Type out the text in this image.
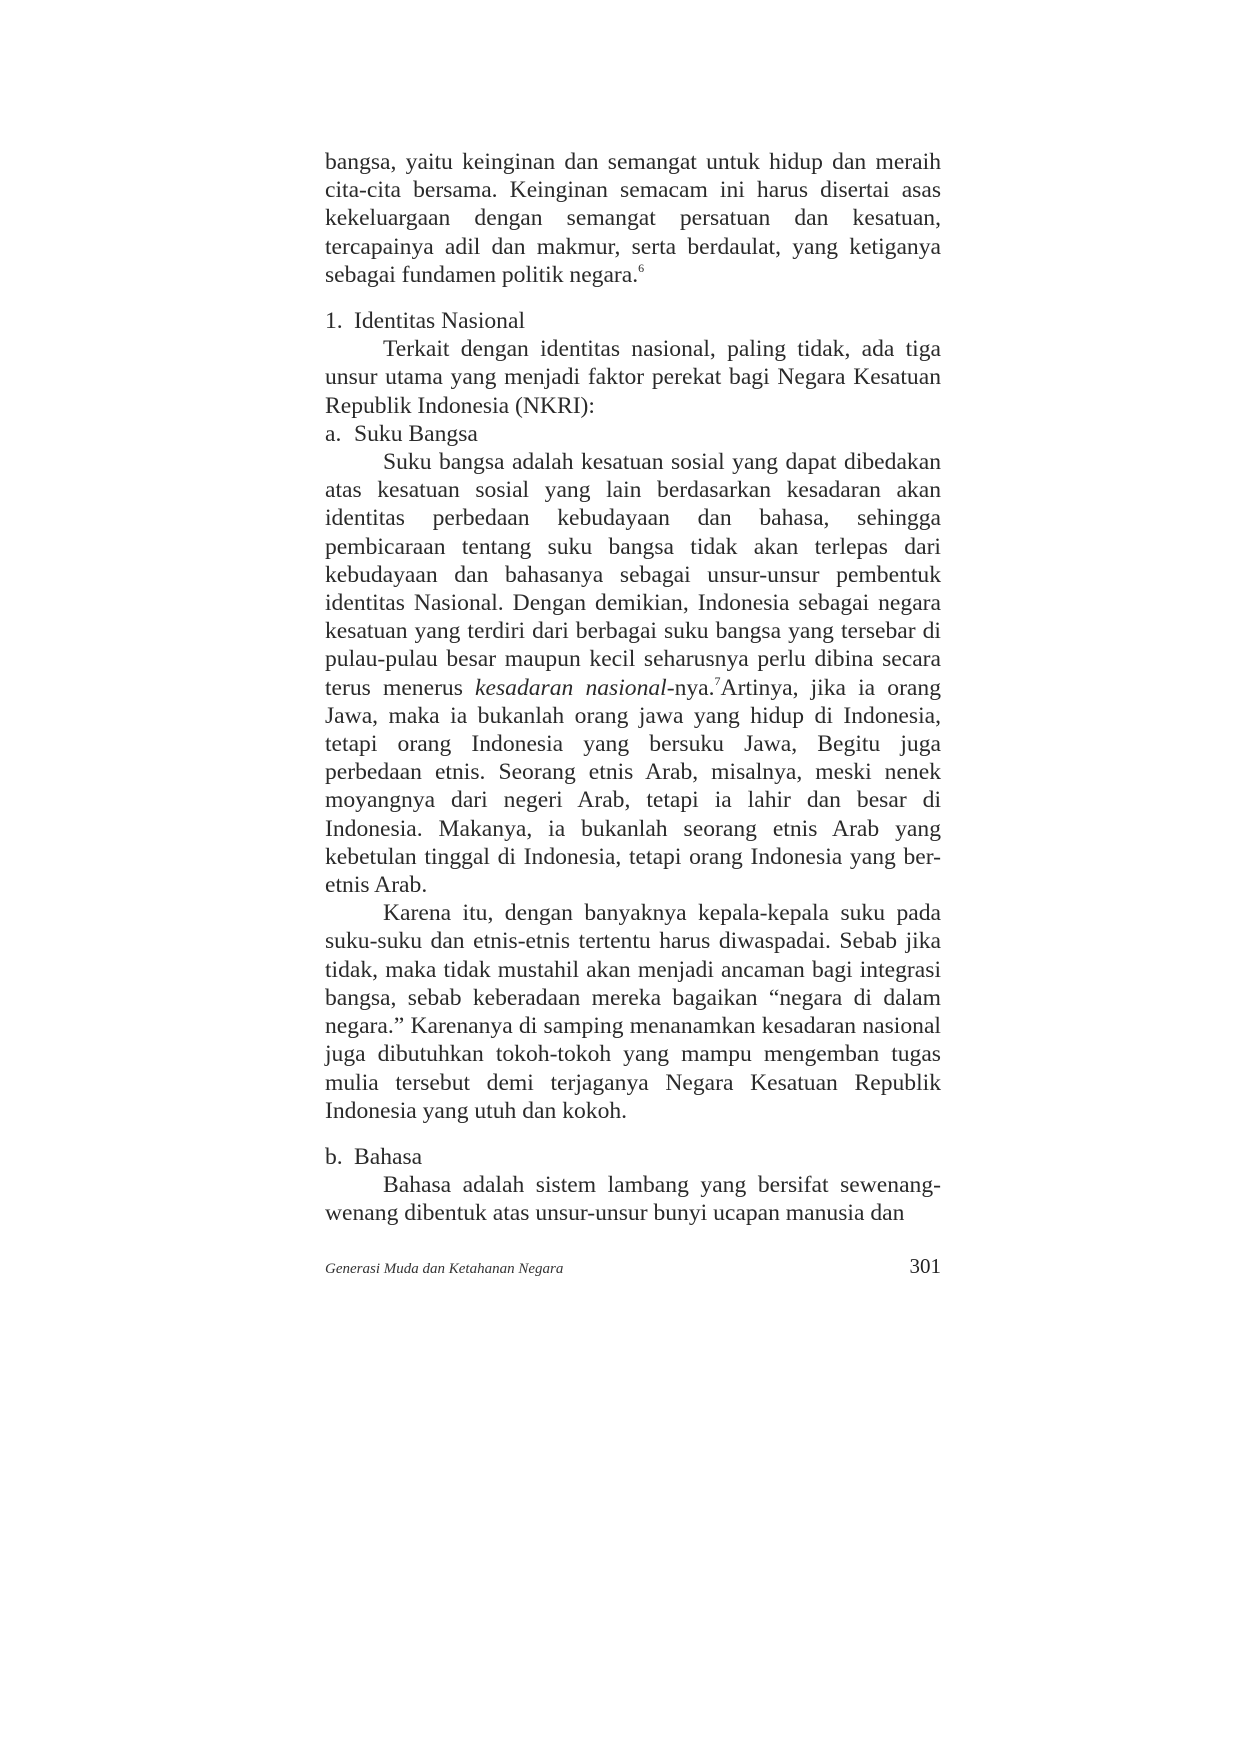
bangsa, yaitu keinginan dan semangat untuk hidup dan meraih cita-cita bersama. Keinginan semacam ini harus disertai asas kekeluargaan dengan semangat persatuan dan kesatuan, tercapainya adil dan makmur, serta berdaulat, yang ketiganya sebagai fundamen politik negara.$^6$

1. Identitas Nasional

Terkait dengan identitas nasional, paling tidak, ada tiga unsur utama yang menjadi faktor perekat bagi Negara Kesatuan Republik Indonesia (NKRI):

a. Suku Bangsa

Suku bangsa adalah kesatuan sosial yang dapat dibedakan atas kesatuan sosial yang lain berdasarkan kesadaran akan identitas perbedaan kebudayaan dan bahasa, sehingga pembicaraan tentang suku bangsa tidak akan terlepas dari kebudayaan dan bahasanya sebagai unsur-unsur pembentuk identitas Nasional. Dengan demikian, Indonesia sebagai negara kesatuan yang terdiri dari berbagai suku bangsa yang tersebar di pulau-pulau besar maupun kecil seharusnya perlu dibina secara terus menerus kesadaran nasional-nya.$^7$Artinya, jika ia orang Jawa, maka ia bukanlah orang jawa yang hidup di Indonesia, tetapi orang Indonesia yang bersuku Jawa, Begitu juga perbedaan etnis. Seorang etnis Arab, misalnya, meski nenek moyangnya dari negeri Arab, tetapi ia lahir dan besar di Indonesia. Makanya, ia bukanlah seorang etnis Arab yang kebetulan tinggal di Indonesia, tetapi orang Indonesia yang ber-etnis Arab.

Karena itu, dengan banyaknya kepala-kepala suku pada suku-suku dan etnis-etnis tertentu harus diwaspadai. Sebab jika tidak, maka tidak mustahil akan menjadi ancaman bagi integrasi bangsa, sebab keberadaan mereka bagaikan “negara di dalam negara.” Karenanya di samping menanamkan kesadaran nasional juga dibutuhkan tokoh-tokoh yang mampu mengemban tugas mulia tersebut demi terjaganya Negara Kesatuan Republik Indonesia yang utuh dan kokoh.

b. Bahasa

Bahasa adalah sistem lambang yang bersifat sewenang-wenang dibentuk atas unsur-unsur bunyi ucapan manusia dan

Generasi Muda dan Ketahanan Negara	301
